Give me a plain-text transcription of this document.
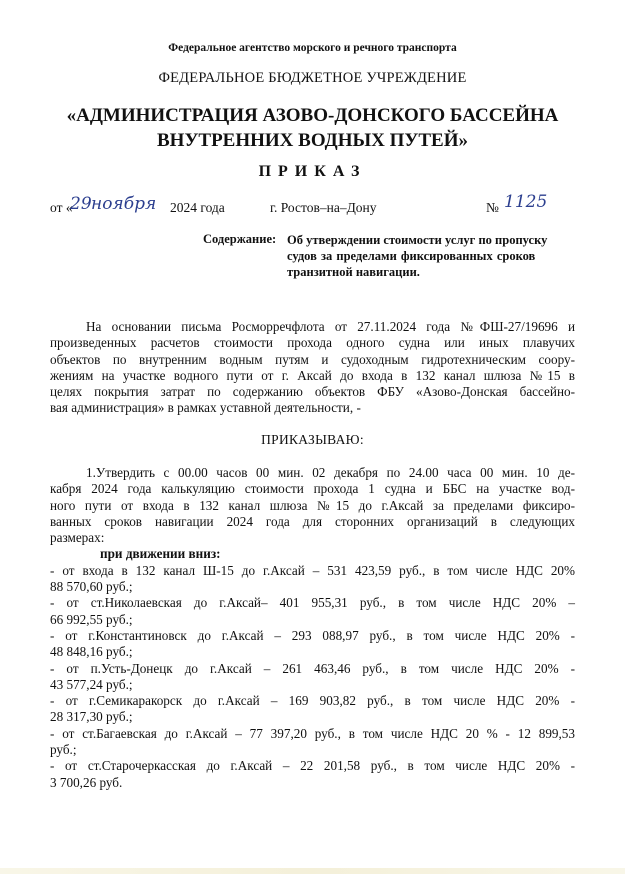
Федеральное агентство морского и речного транспорта
ФЕДЕРАЛЬНОЕ БЮДЖЕТНОЕ УЧРЕЖДЕНИЕ
«АДМИНИСТРАЦИЯ АЗОВО-ДОНСКОГО БАССЕЙНА
ВНУТРЕННИХ ВОДНЫХ ПУТЕЙ»
ПРИКАЗ
от «
29 ноября 2024 года	г. Ростов–на–Дону	№ 1125
Содержание: Об утверждении стоимости услуг по пропуску
судов за пределами фиксированных сроков
транзитной навигации.
На основании письма Росморречфлота от 27.11.2024 года №ФШ-27/19696 и
произведенных расчетов стоимости прохода одного судна или иных плавучих
объектов по внутренним водным путям и судоходным гидротехническим соору-
жениям на участке водного пути от г. Аксай до входа в 132 канал шлюза №15 в
целях покрытия затрат по содержанию объектов ФБУ «Азово-Донская бассейно-
вая администрация» в рамках уставной деятельности, -
ПРИКАЗЫВАЮ:
1.Утвердить с 00.00 часов 00 мин. 02 декабря по 24.00 часа 00 мин. 10 де-
кабря 2024 года калькуляцию стоимости прохода 1 судна и ББС на участке вод-
ного пути от входа в 132 канал шлюза №15 до г.Аксай за пределами фиксиро-
ванных сроков навигации 2024 года для сторонних организаций в следующих
размерах:
при движении вниз:
- от входа в 132 канал Ш-15 до г.Аксай – 531 423,59 руб., в том числе НДС 20%
88 570,60 руб.;
- от ст.Николаевская до г.Аксай– 401 955,31 руб., в том числе НДС 20% –
66 992,55 руб.;
- от г.Константиновск до г.Аксай – 293 088,97 руб., в том числе НДС 20% -
48 848,16 руб.;
- от п.Усть-Донецк до г.Аксай – 261 463,46 руб., в том числе НДС 20% -
43 577,24 руб.;
- от г.Семикаракорск до г.Аксай – 169 903,82 руб., в том числе НДС 20% -
28 317,30 руб.;
- от ст.Багаевская до г.Аксай – 77 397,20 руб., в том числе НДС 20 % - 12 899,53
руб.;
- от ст.Старочеркасская до г.Аксай – 22 201,58 руб., в том числе НДС 20% -
3 700,26 руб.
